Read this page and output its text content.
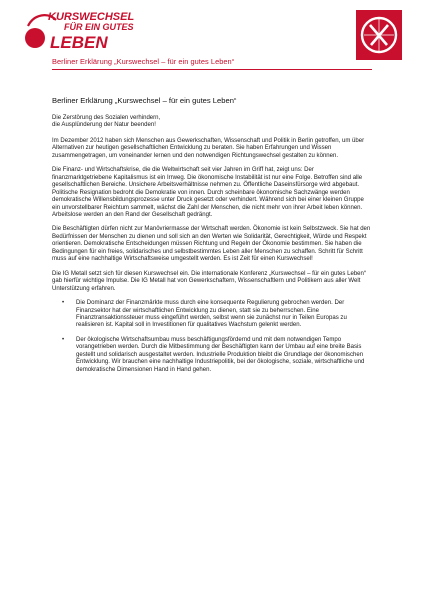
KURSWECHSEL
FÜR EIN GUTES
LEBEN
Berliner Erklärung „Kurswechsel – für ein gutes Leben“
Berliner Erklärung „Kurswechsel – für ein gutes Leben“

Die Zerstörung des Sozialen verhindern,
die Ausplünderung der Natur beenden!

Im Dezember 2012 haben sich Menschen aus Gewerkschaften, Wissenschaft und Politik in Berlin getroffen, um über Alternativen zur heutigen gesellschaftlichen Entwicklung zu beraten. Sie haben Erfahrungen und Wissen zusammengetragen, um voneinander lernen und den notwendigen Richtungswechsel gestalten zu können.

Die Finanz- und Wirtschaftskrise, die die Weltwirtschaft seit vier Jahren im Griff hat, zeigt uns: Der finanzmarktgetriebene Kapitalismus ist ein Irrweg. Die ökonomische Instabilität ist nur eine Folge. Betroffen sind alle gesellschaftlichen Bereiche. Unsichere Arbeitsverhältnisse nehmen zu. Öffentliche Daseinsfürsorge wird abgebaut. Politische Resignation bedroht die Demokratie von innen. Durch scheinbare ökonomische Sachzwänge werden demokratische Willensbildungsprozesse unter Druck gesetzt oder verhindert. Während sich bei einer kleinen Gruppe ein unvorstellbarer Reichtum sammelt, wächst die Zahl der Menschen, die nicht mehr von ihrer Arbeit leben können. Arbeitslose werden an den Rand der Gesellschaft gedrängt.

Die Beschäftigten dürfen nicht zur Manövriermasse der Wirtschaft werden. Ökonomie ist kein Selbstzweck. Sie hat den Bedürfnissen der Menschen zu dienen und soll sich an den Werten wie Solidarität, Gerechtigkeit, Würde und Respekt orientieren. Demokratische Entscheidungen müssen Richtung und Regeln der Ökonomie bestimmen. Sie haben die Bedingungen für ein freies, solidarisches und selbstbestimmtes Leben aller Menschen zu schaffen. Schritt für Schritt muss auf eine nachhaltige Wirtschaftsweise umgestellt werden. Es ist Zeit für einen Kurswechsel!

Die IG Metall setzt sich für diesen Kurswechsel ein. Die internationale Konferenz „Kurswechsel – für ein gutes Leben“ gab hierfür wichtige Impulse. Die IG Metall hat von Gewerkschaftern, Wissenschaftlern und Politikern aus aller Welt Unterstützung erfahren.

• Die Dominanz der Finanzmärkte muss durch eine konsequente Regulierung gebrochen werden. Der Finanzsektor hat der wirtschaftlichen Entwicklung zu dienen, statt sie zu beherrschen. Eine Finanztransaktionssteuer muss eingeführt werden, selbst wenn sie zunächst nur in Teilen Europas zu realisieren ist. Kapital soll in Investitionen für qualitatives Wachstum gelenkt werden.
• Der ökologische Wirtschaftsumbau muss beschäftigungsfördernd und mit dem notwendigen Tempo vorangetrieben werden. Durch die Mitbestimmung der Beschäftigten kann der Umbau auf eine breite Basis gestellt und solidarisch ausgestaltet werden. Industrielle Produktion bleibt die Grundlage der ökonomischen Entwicklung. Wir brauchen eine nachhaltige Industriepolitik, bei der ökologische, soziale, wirtschaftliche und demokratische Dimensionen Hand in Hand gehen.
